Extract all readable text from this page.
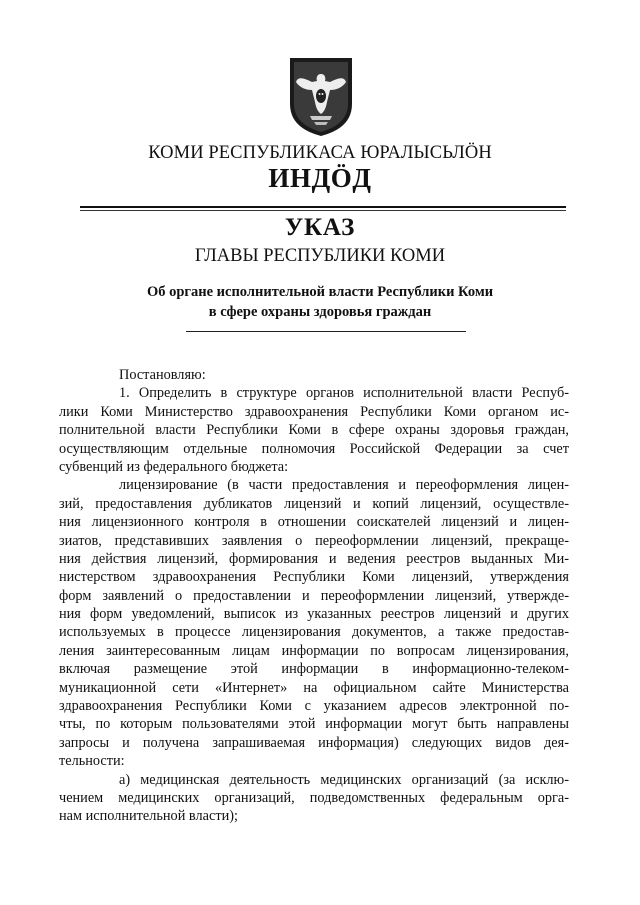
КОМИ РЕСПУБЛИКАСА ЮРАЛЫСЬЛÖН
ИНДÖД
УКАЗ
ГЛАВЫ РЕСПУБЛИКИ КОМИ
Об органе исполнительной власти Республики Коми
в сфере охраны здоровья граждан
Постановляю:
1. Определить в структуре органов исполнительной власти Респуб-
лики Коми Министерство здравоохранения Республики Коми органом ис-
полнительной власти Республики Коми в сфере охраны здоровья граждан,
осуществляющим отдельные полномочия Российской Федерации за счет
субвенций из федерального бюджета:
лицензирование (в части предоставления и переоформления лицен-
зий, предоставления дубликатов лицензий и копий лицензий, осуществле-
ния лицензионного контроля в отношении соискателей лицензий и лицен-
зиатов, представивших заявления о переоформлении лицензий, прекраще-
ния действия лицензий, формирования и ведения реестров выданных Ми-
нистерством здравоохранения Республики Коми лицензий, утверждения
форм заявлений о предоставлении и переоформлении лицензий, утвержде-
ния форм уведомлений, выписок из указанных реестров лицензий и других
используемых в процессе лицензирования документов, а также предостав-
ления заинтересованным лицам информации по вопросам лицензирования,
включая размещение этой информации в информационно-телеком-
муникационной сети «Интернет» на официальном сайте Министерства
здравоохранения Республики Коми с указанием адресов электронной по-
чты, по которым пользователями этой информации могут быть направлены
запросы и получена запрашиваемая информация) следующих видов дея-
тельности:
а) медицинская деятельность медицинских организаций (за исклю-
чением медицинских организаций, подведомственных федеральным орга-
нам исполнительной власти);
